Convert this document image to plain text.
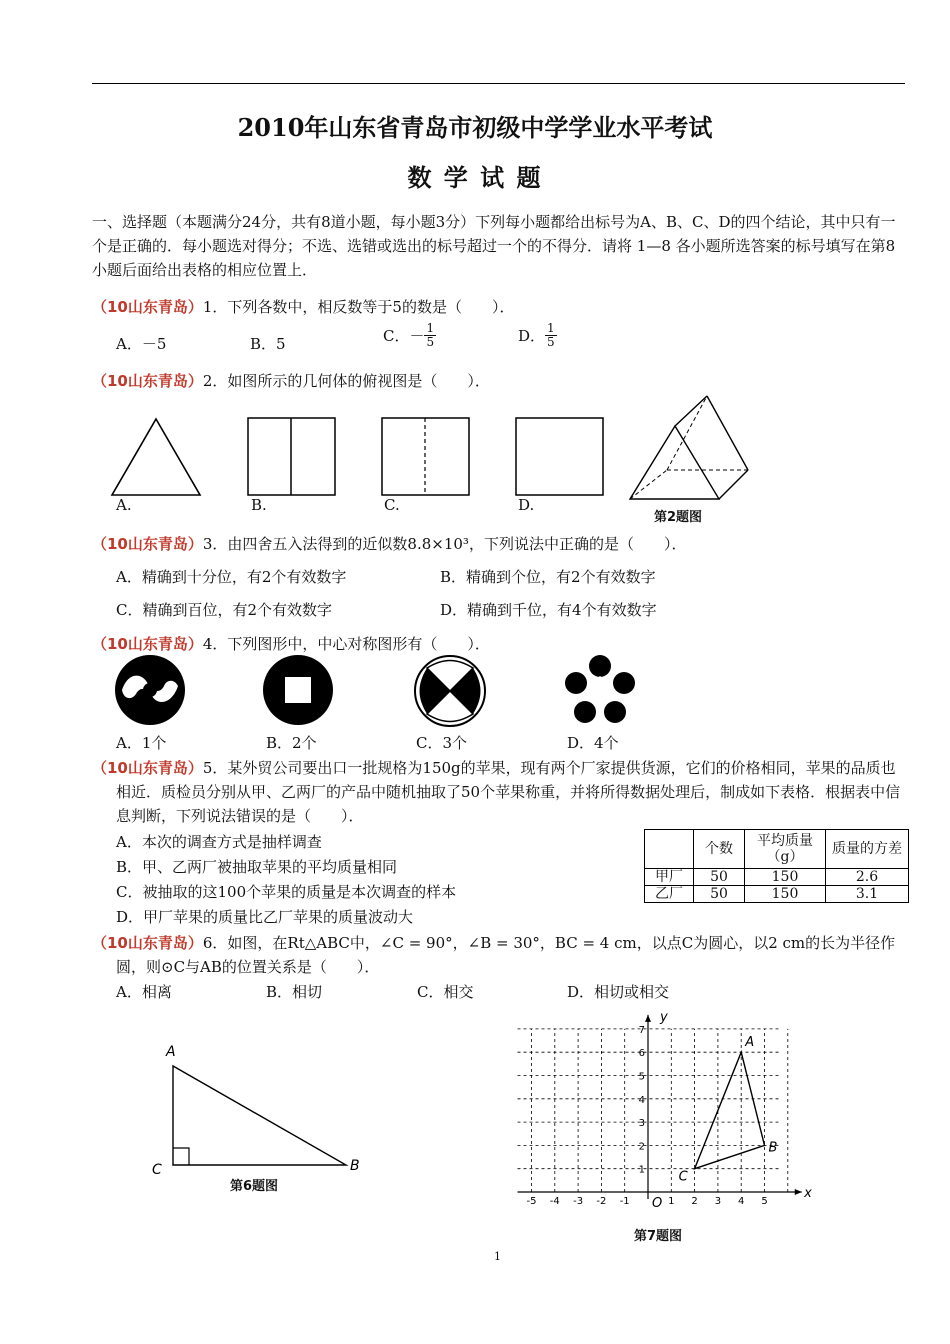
2010年山东省青岛市初级中学学业水平考试
数 学 试 题
一、选择题（本题满分24分，共有8道小题，每小题3分）下列每小题都给出标号为A、B、C、D的四个结论，其中只有一个是正确的．每小题选对得分；不选、选错或选出的标号超过一个的不得分．请将 1—8 各小题所选答案的标号填写在第8小题后面给出表格的相应位置上．
（10山东青岛）1．下列各数中，相反数等于5的数是（　　）．
A．－5	B．5	C．－ $\frac{1}{5}$	D． $\frac{1}{5}$
（10山东青岛）2．如图所示的几何体的俯视图是（　　）．
A.	B.	C.	D.
第2题图
（10山东青岛）3．由四舍五入法得到的近似数8.8×10³，下列说法中正确的是（　　）．
A．精确到十分位，有2个有效数字	B．精确到个位，有2个有效数字
C．精确到百位，有2个有效数字	D．精确到千位，有4个有效数字
（10山东青岛）4．下列图形中，中心对称图形有（　　）．
A．1个	B．2个	C．3个	D．4个
（10山东青岛）5．某外贸公司要出口一批规格为150g的苹果，现有两个厂家提供货源，它们的价格相同，苹果的品质也相近．质检员分别从甲、乙两厂的产品中随机抽取了50个苹果称重，并将所得数据处理后，制成如下表格．根据表中信息判断，下列说法错误的是（　　）．
A．本次的调查方式是抽样调查
B．甲、乙两厂被抽取苹果的平均质量相同
C．被抽取的这100个苹果的质量是本次调查的样本
D．甲厂苹果的质量比乙厂苹果的质量波动大
	个数	平均质量（g）	质量的方差
甲厂	50	150	2.6
乙厂	50	150	3.1
（10山东青岛）6．如图，在Rt△ABC中，∠C = 90°，∠B = 30°，BC = 4 cm，以点C为圆心，以2 cm的长为半径作圆，则⊙C与AB的位置关系是（　　）．
A．相离	B．相切	C．相交	D．相切或相交
A
C	B
第6题图	x
y
O
-5 -4 -3 -2 -1	1 2 3 4 5
1
2
3
4
5
6
7
A
B
C
第7题图
1
